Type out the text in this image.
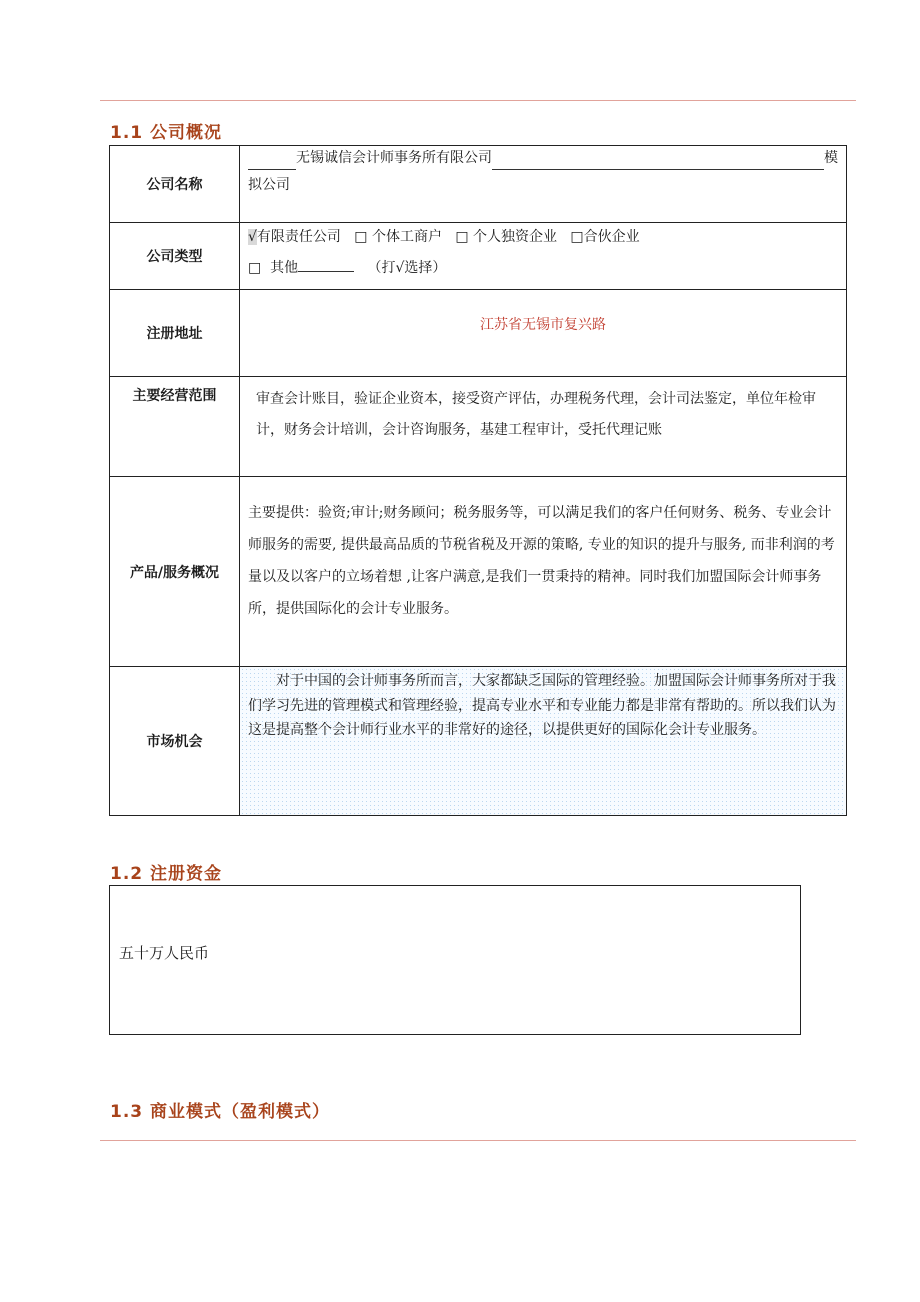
1.1 公司概况
公司名称	无锡诚信会计师事务所有限公司 模
拟公司

公司类型	√有限责任公司 □ 个体工商户 □ 个人独资企业 □合伙企业
□ 其他 （打√选择）

注册地址	江苏省无锡市复兴路

主要经营范围	审查会计账目，验证企业资本，接受资产评估，办理税务代理，会计司法鉴定，单位年检审计，财务会计培训，会计咨询服务，基建工程审计，受托代理记账

产品/服务概况	主要提供：验资;审计;财务顾问；税务服务等，可以满足我们的客户任何财务、税务、专业会计师服务的需要, 提供最高品质的节税省税及开源的策略, 专业的知识的提升与服务, 而非利润的考量以及以客户的立场着想 ,让客户满意,是我们一贯秉持的精神。同时我们加盟国际会计师事务所，提供国际化的会计专业服务。

市场机会	对于中国的会计师事务所而言，大家都缺乏国际的管理经验。加盟国际会计师事务所对于我们学习先进的管理模式和管理经验，提高专业水平和专业能力都是非常有帮助的。所以我们认为这是提高整个会计师行业水平的非常好的途径，以提供更好的国际化会计专业服务。
1.2 注册资金
五十万人民币
1.3 商业模式（盈利模式）
